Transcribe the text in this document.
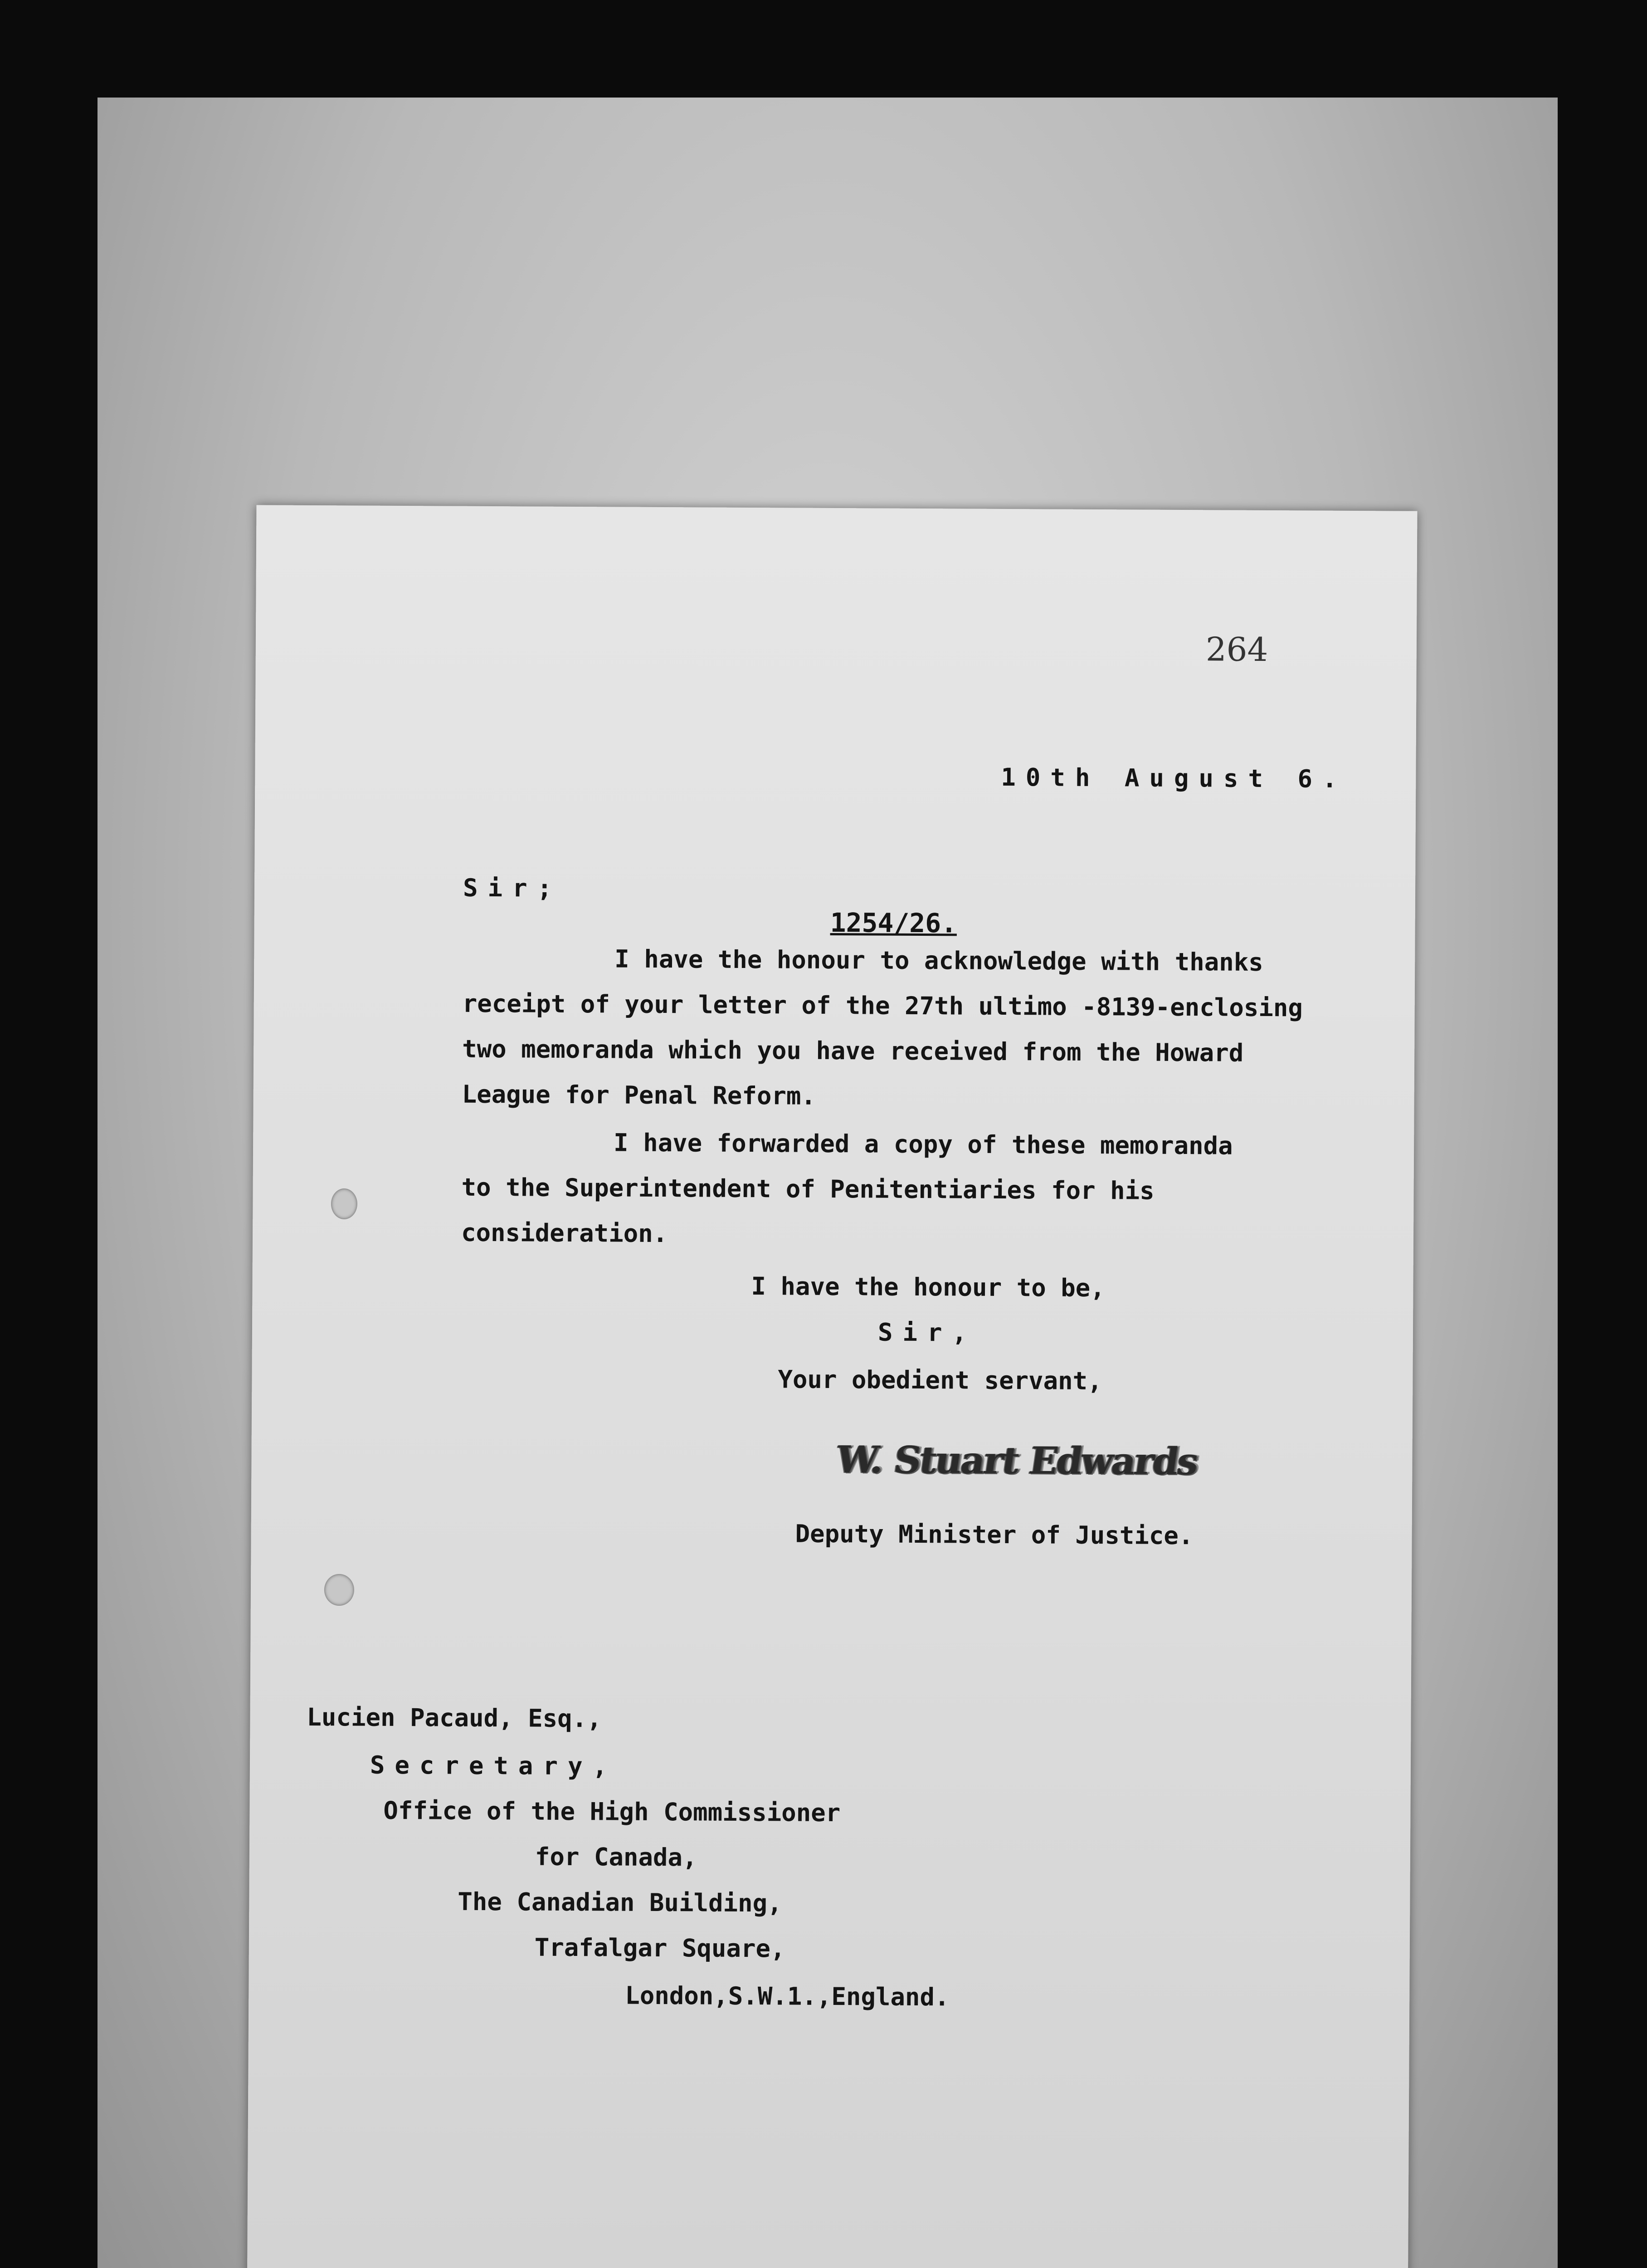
264
10th August 6.
Sir;
1254/26.
I have the honour to acknowledge with thanks
receipt of your letter of the 27th ultimo -8139-enclosing
two memoranda which you have received from the Howard
League for Penal Reform.
I have forwarded a copy of these memoranda
to the Superintendent of Penitentiaries for his
consideration.
I have the honour to be,
Sir,
Your obedient servant,
W. Stuart Edwards
Deputy Minister of Justice.
Lucien Pacaud, Esq.,
Secretary,
Office of the High Commissioner
for Canada,
The Canadian Building,
Trafalgar Square,
London,S.W.1.,England.
